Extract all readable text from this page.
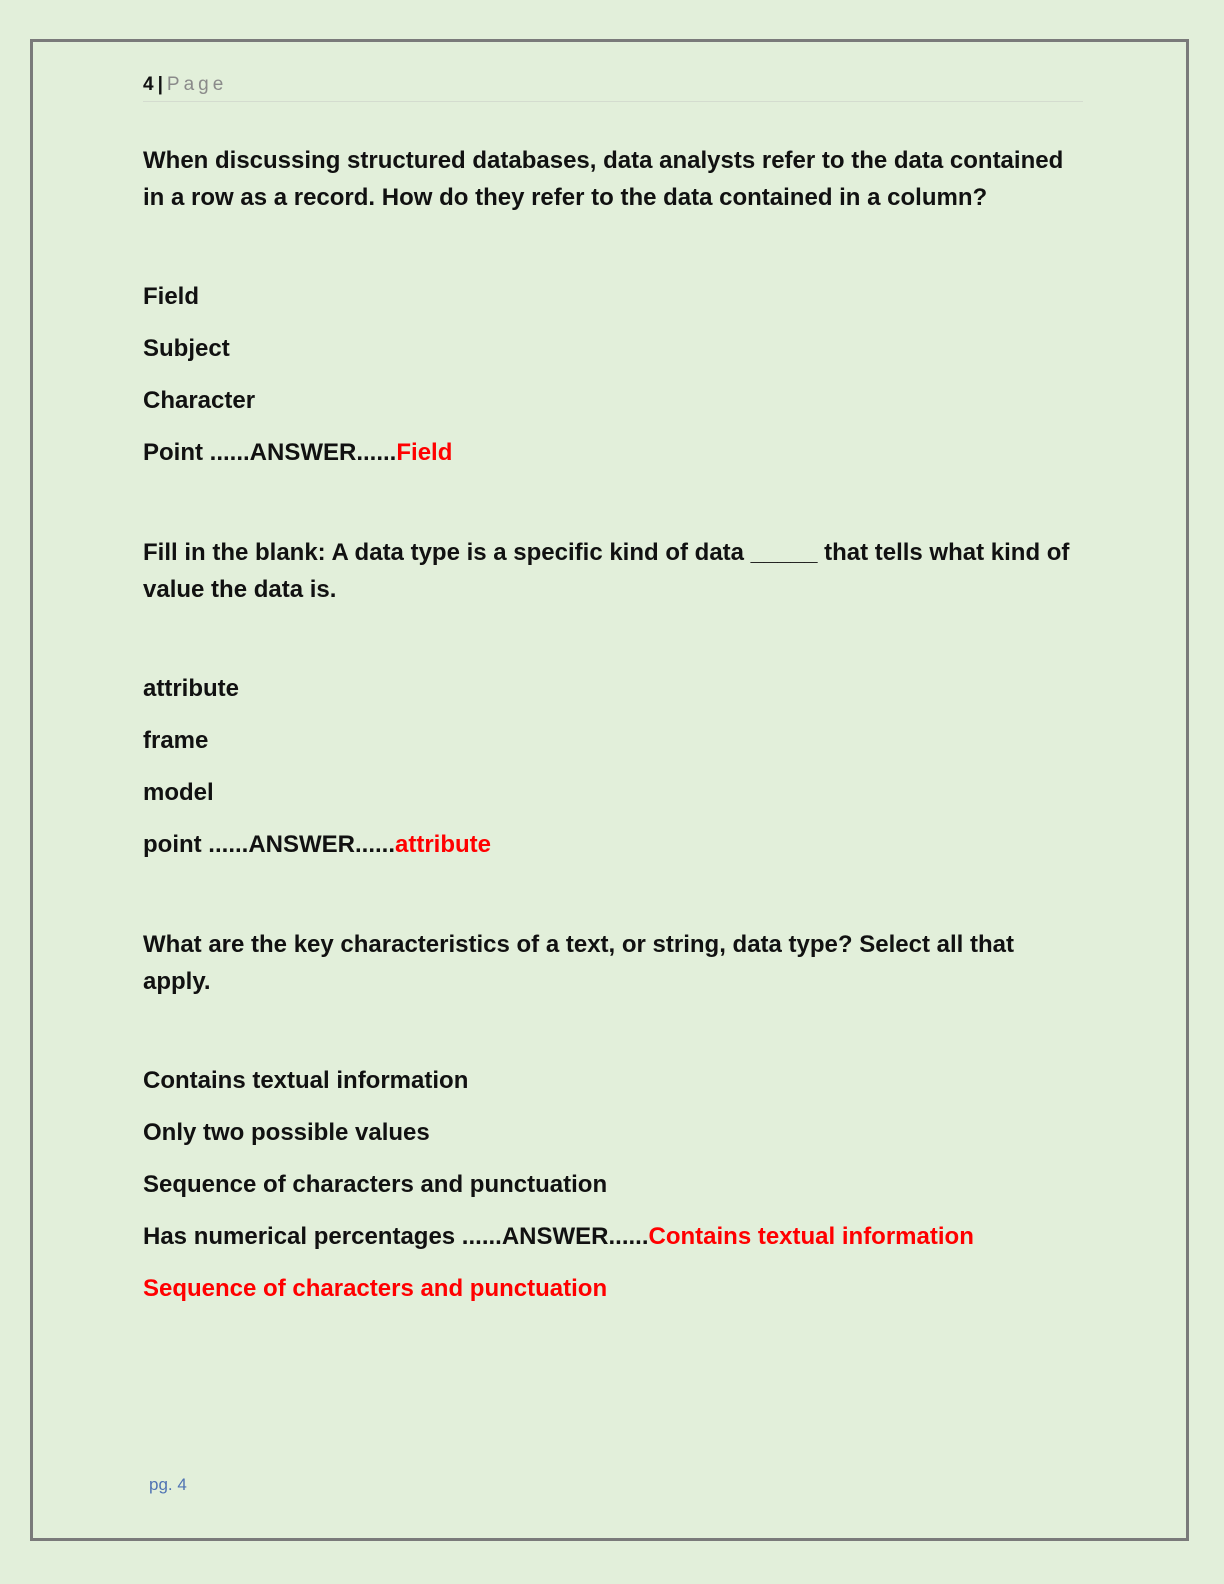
4 | Page

When discussing structured databases, data analysts refer to the data contained in a row as a record. How do they refer to the data contained in a column?

Field

Subject

Character

Point ......ANSWER......Field

Fill in the blank: A data type is a specific kind of data _____ that tells what kind of value the data is.

attribute

frame

model

point ......ANSWER......attribute

What are the key characteristics of a text, or string, data type? Select all that apply.

Contains textual information

Only two possible values

Sequence of characters and punctuation

Has numerical percentages ......ANSWER......Contains textual information

Sequence of characters and punctuation

pg. 4
